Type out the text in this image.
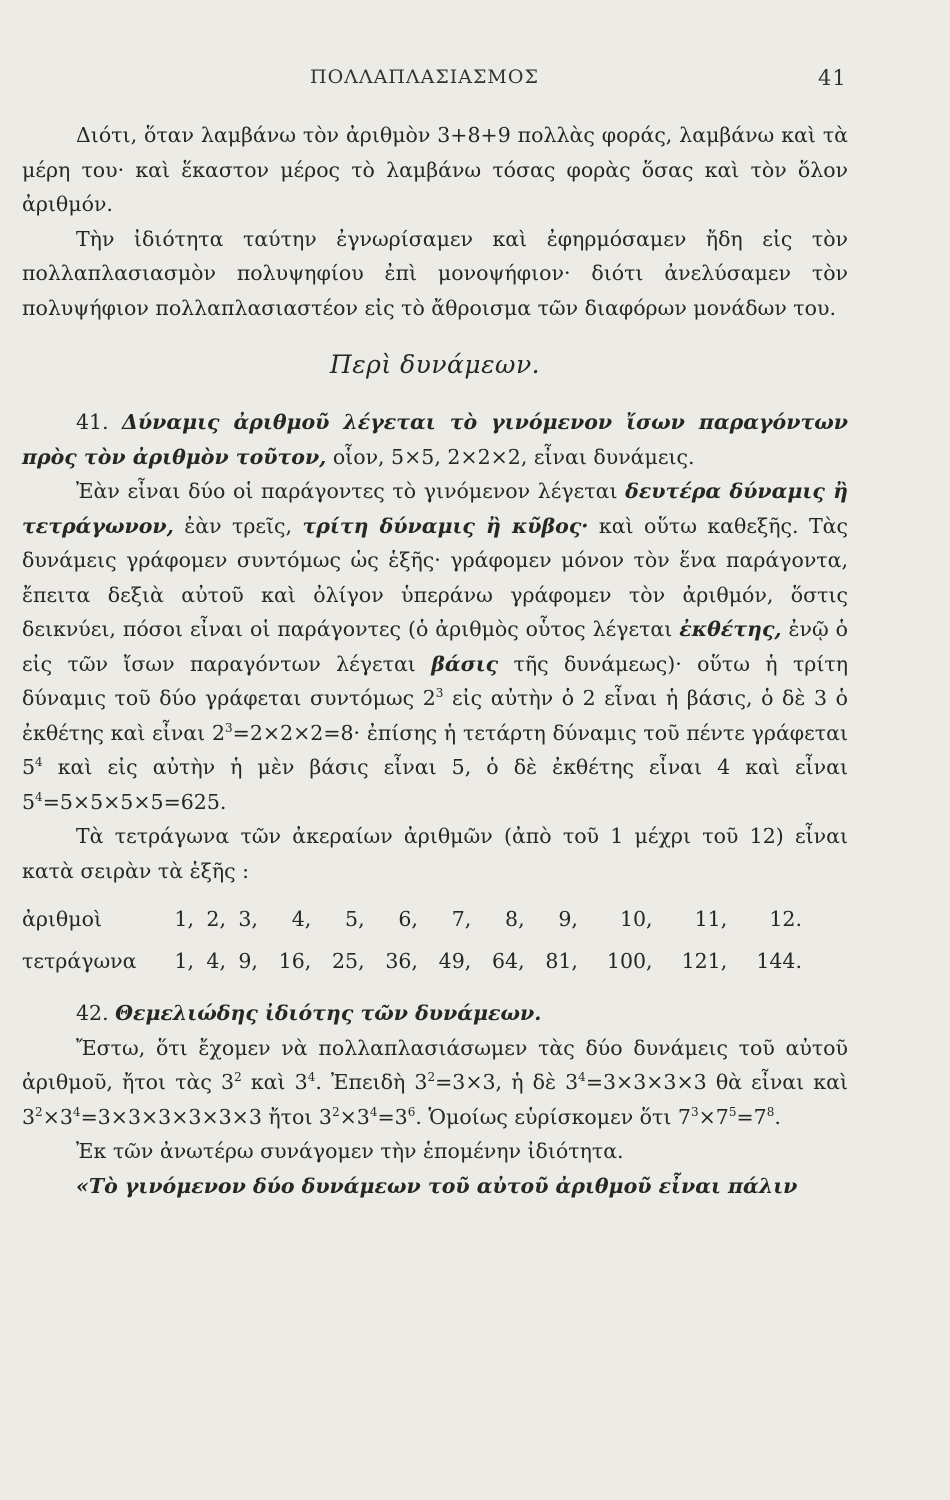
ΠΟΛΛΑΠΛΑΣΙΑΣΜΟΣ	41

Διότι, ὅταν λαμβάνω τὸν ἀριθμὸν 3+8+9 πολλὰς φοράς, λαμβάνω καὶ τὰ μέρη του· καὶ ἕκαστον μέρος τὸ λαμβάνω τόσας φορὰς ὅσας καὶ τὸν ὅλον ἀριθμόν.

Τὴν ἰδιότητα ταύτην ἐγνωρίσαμεν καὶ ἐφηρμόσαμεν ἤδη εἰς τὸν πολλαπλασιασμὸν πολυψηφίου ἐπὶ μονοψήφιον· διότι ἀνελύσαμεν τὸν πολυψήφιον πολλαπλασιαστέον εἰς τὸ ἄθροισμα τῶν διαφόρων μονάδων του.

Περὶ δυνάμεων.

41. Δύναμις ἀριθμοῦ λέγεται τὸ γινόμενον ἴσων παραγόντων πρὸς τὸν ἀριθμὸν τοῦτον, οἷον, 5×5, 2×2×2, εἶναι δυνάμεις.

Ἐὰν εἶναι δύο οἱ παράγοντες τὸ γινόμενον λέγεται δευτέρα δύναμις ἢ τετράγωνον, ἐὰν τρεῖς, τρίτη δύναμις ἢ κῦβος· καὶ οὕτω καθεξῆς. Τὰς δυνάμεις γράφομεν συντόμως ὡς ἑξῆς· γράφομεν μόνον τὸν ἕνα παράγοντα, ἔπειτα δεξιὰ αὐτοῦ καὶ ὀλίγον ὑπεράνω γράφομεν τὸν ἀριθμόν, ὅστις δεικνύει, πόσοι εἶναι οἱ παράγοντες (ὁ ἀριθμὸς οὗτος λέγεται ἐκθέτης, ἐνῷ ὁ εἰς τῶν ἴσων παραγόντων λέγεται βάσις τῆς δυνάμεως)· οὕτω ἡ τρίτη δύναμις τοῦ δύο γράφεται συντόμως $2^3$ εἰς αὐτὴν ὁ 2 εἶναι ἡ βάσις, ὁ δὲ 3 ὁ ἐκθέτης καὶ εἶναι $2^3=2\times 2\times 2=8\cdot$ ἐπίσης ἡ τετάρτη δύναμις τοῦ πέντε γράφεται $5^4$ καὶ εἰς αὐτὴν ἡ μὲν βάσις εἶναι 5, ὁ δὲ ἐκθέτης εἶναι 4 καὶ εἶναι $5^4=5\times 5\times 5\times 5=625$.

Τὰ τετράγωνα τῶν ἀκεραίων ἀριθμῶν (ἀπὸ τοῦ 1 μέχρι τοῦ 12) εἶναι κατὰ σειρὰν τὰ ἑξῆς :

ἀριθμοὶ	1,	2,	3,	4,	5,	6,	7,	8,	9,	10,	11,	12.
τετράγωνα	1,	4,	9,	16,	25,	36,	49,	64,	81,	100,	121,	144.

42. Θεμελιώδης ἰδιότης τῶν δυνάμεων.

Ἔστω, ὅτι ἔχομεν νὰ πολλαπλασιάσωμεν τὰς δύο δυνάμεις τοῦ αὐτοῦ ἀριθμοῦ, ἤτοι τὰς $3^2$ καὶ $3^4$. Ἐπειδὴ $3^2=3\times 3$, ἡ δὲ $3^4=3\times 3\times 3\times 3$ θὰ εἶναι καὶ $3^2\times 3^4=3\times 3\times 3\times 3\times 3\times 3$ ἤτοι $3^2\times 3^4=3^6$. Ὁμοίως εὑρίσκομεν ὅτι $7^3\times 7^5=7^8$.

Ἐκ τῶν ἀνωτέρω συνάγομεν τὴν ἑπομένην ἰδιότητα.

«Τὸ γινόμενον δύο δυνάμεων τοῦ αὐτοῦ ἀριθμοῦ εἶναι πάλιν
